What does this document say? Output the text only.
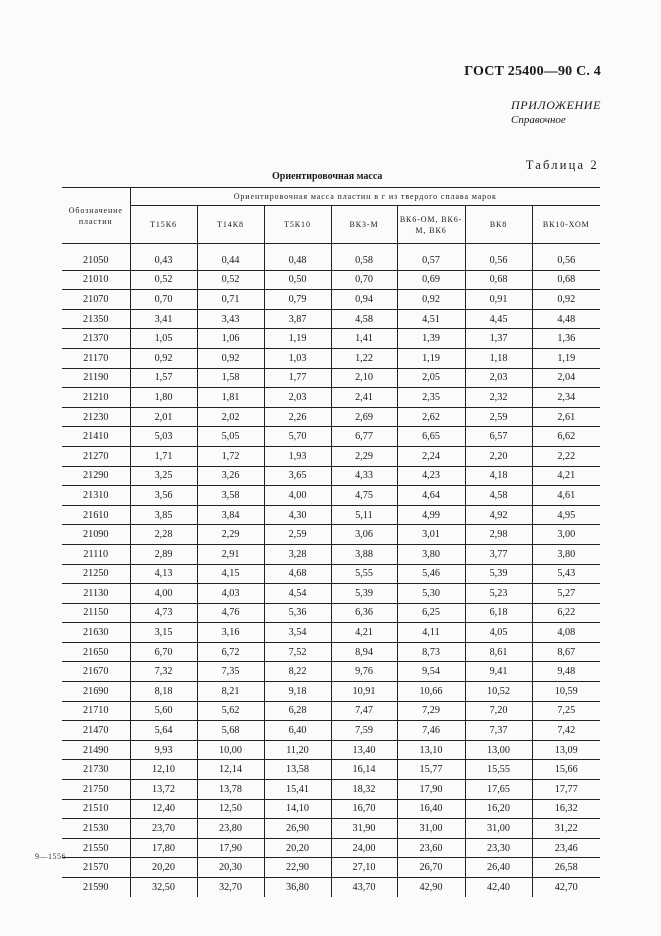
ГОСТ 25400—90 С. 4
ПРИЛОЖЕНИЕ
Справочное
Таблица 2
Ориентировочная масса
Обозначение пластин	Ориентировочная масса пластин в г из твердого сплава марок						
	Т15К6	Т14К8	Т5К10	ВК3-М	ВК6-ОМ, ВК6-М, ВК6	ВК8	ВК10-ХОМ

21050	0,43	0,44	0,48	0,58	0,57	0,56	0,56
21010	0,52	0,52	0,50	0,70	0,69	0,68	0,68
21070	0,70	0,71	0,79	0,94	0,92	0,91	0,92
21350	3,41	3,43	3,87	4,58	4,51	4,45	4,48
21370	1,05	1,06	1,19	1,41	1,39	1,37	1,36
21170	0,92	0,92	1,03	1,22	1,19	1,18	1,19
21190	1,57	1,58	1,77	2,10	2,05	2,03	2,04
21210	1,80	1,81	2,03	2,41	2,35	2,32	2,34
21230	2,01	2,02	2,26	2,69	2,62	2,59	2,61
21410	5,03	5,05	5,70	6,77	6,65	6,57	6,62
21270	1,71	1,72	1,93	2,29	2,24	2,20	2,22
21290	3,25	3,26	3,65	4,33	4,23	4,18	4,21
21310	3,56	3,58	4,00	4,75	4,64	4,58	4,61
21610	3,85	3,84	4,30	5,11	4,99	4,92	4,95
21090	2,28	2,29	2,59	3,06	3,01	2,98	3,00
21110	2,89	2,91	3,28	3,88	3,80	3,77	3,80
21250	4,13	4,15	4,68	5,55	5,46	5,39	5,43
21130	4,00	4,03	4,54	5,39	5,30	5,23	5,27
21150	4,73	4,76	5,36	6,36	6,25	6,18	6,22
21630	3,15	3,16	3,54	4,21	4,11	4,05	4,08
21650	6,70	6,72	7,52	8,94	8,73	8,61	8,67
21670	7,32	7,35	8,22	9,76	9,54	9,41	9,48
21690	8,18	8,21	9,18	10,91	10,66	10,52	10,59
21710	5,60	5,62	6,28	7,47	7,29	7,20	7,25
21470	5,64	5,68	6,40	7,59	7,46	7,37	7,42
21490	9,93	10,00	11,20	13,40	13,10	13,00	13,09
21730	12,10	12,14	13,58	16,14	15,77	15,55	15,66
21750	13,72	13,78	15,41	18,32	17,90	17,65	17,77
21510	12,40	12,50	14,10	16,70	16,40	16,20	16,32
21530	23,70	23,80	26,90	31,90	31,00	31,00	31,22
21550	17,80	17,90	20,20	24,00	23,60	23,30	23,46
21570	20,20	20,30	22,90	27,10	26,70	26,40	26,58
21590	32,50	32,70	36,80	43,70	42,90	42,40	42,70
9—1556
